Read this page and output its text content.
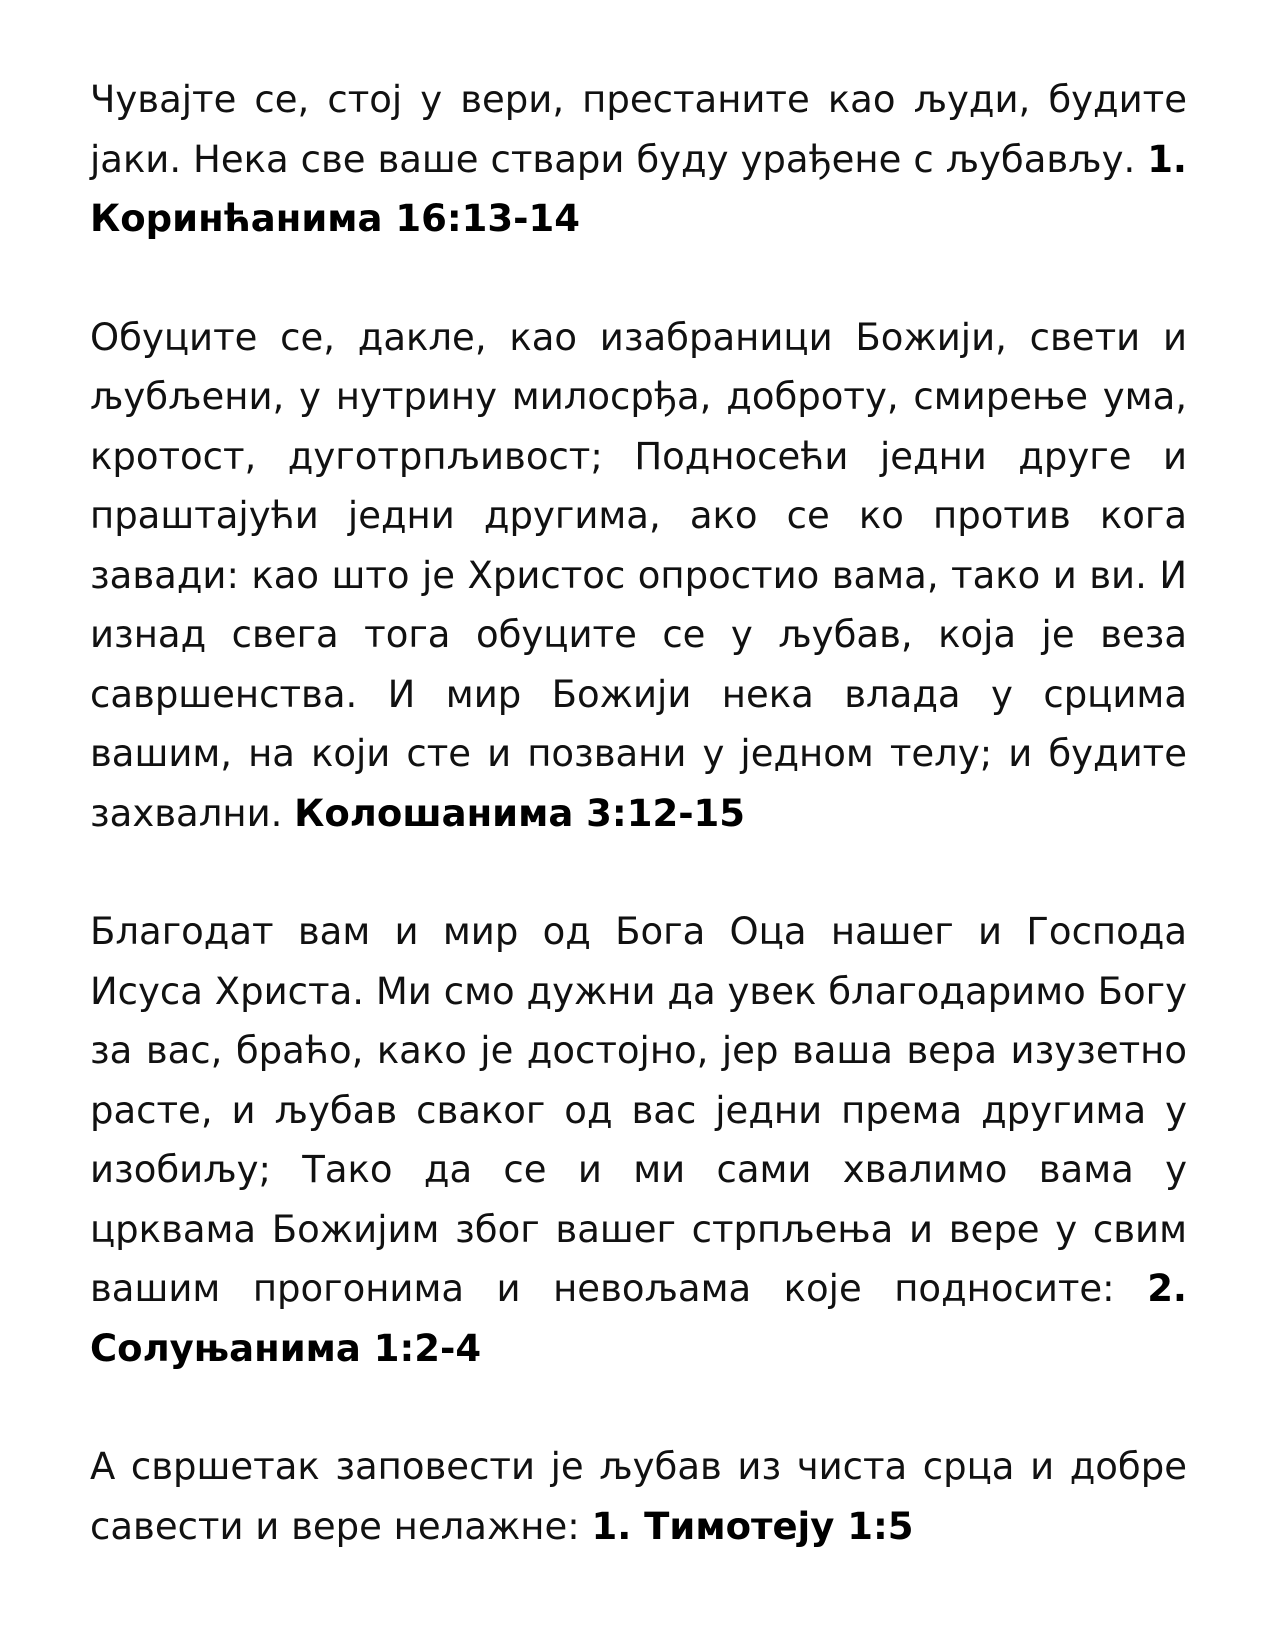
Чувајте се, стој у вери, престаните као људи, будите јаки. Нека све ваше ствари буду урађене с љубављу. 1. Коринћанима 16:13-14

Обуците се, дакле, као изабраници Божији, свети и љубљени, у нутрину милосрђа, доброту, смирење ума, кротост, дуготрпљивост; Подносећи једни друге и праштајући једни другима, ако се ко против кога завади: као што је Христос опростио вама, тако и ви. И изнад свега тога обуците се у љубав, која је веза савршенства. И мир Божији нека влада у срцима вашим, на који сте и позвани у једном телу; и будите захвални. Колошанима 3:12-15

Благодат вам и мир од Бога Оца нашег и Господа Исуса Христа. Ми смо дужни да увек благодаримо Богу за вас, браћо, како је достојно, јер ваша вера изузетно расте, и љубав сваког од вас једни према другима у изобиљу; Тако да се и ми сами хвалимо вама у црквама Божијим због вашег стрпљења и вере у свим вашим прогонима и невољама које подносите: 2. Солуњанима 1:2-4

А свршетак заповести је љубав из чиста срца и добре савести и вере нелажне: 1. Тимотеју 1:5
